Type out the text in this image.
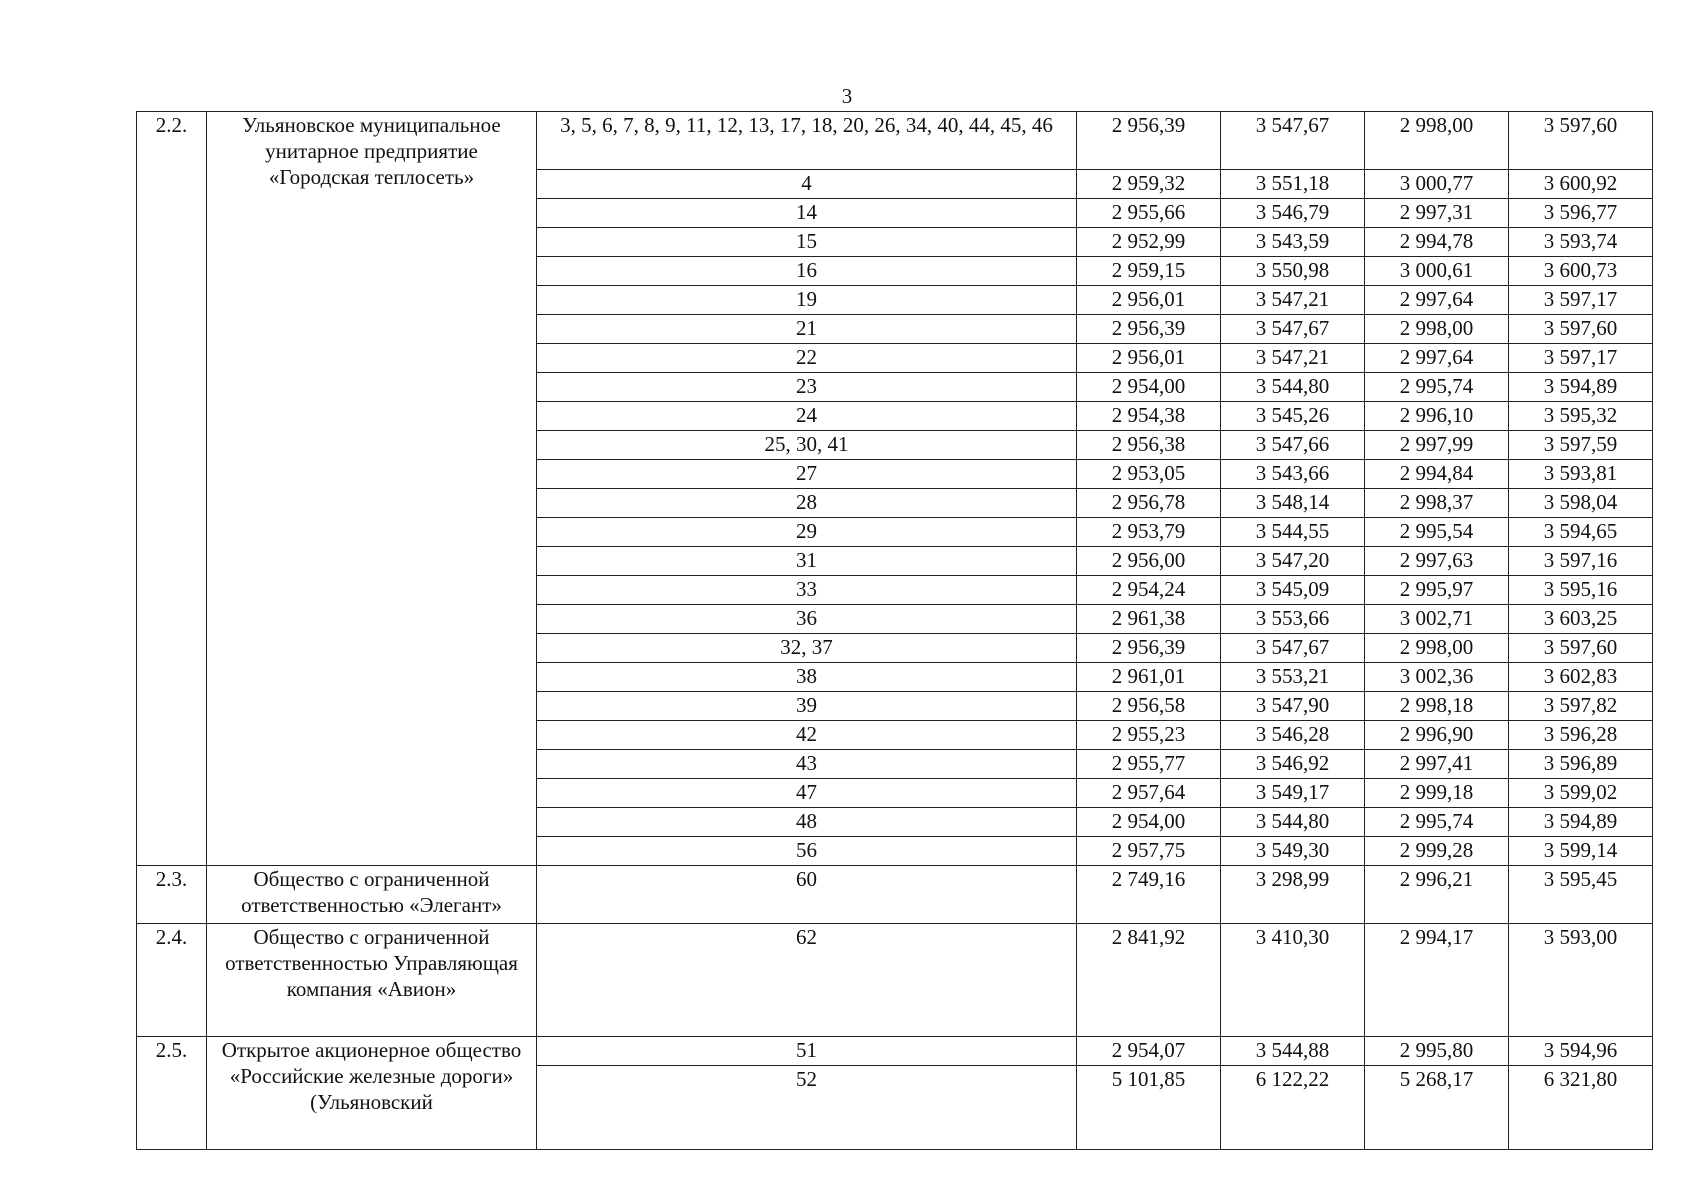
3
2.2.	Ульяновское муниципальное унитарное предприятие «Городская теплосеть»	3, 5, 6, 7, 8, 9, 11, 12, 13, 17, 18, 20, 26, 34, 40, 44, 45, 46	2 956,39	3 547,67	2 998,00	3 597,60
		4	2 959,32	3 551,18	3 000,77	3 600,92
		14	2 955,66	3 546,79	2 997,31	3 596,77
		15	2 952,99	3 543,59	2 994,78	3 593,74
		16	2 959,15	3 550,98	3 000,61	3 600,73
		19	2 956,01	3 547,21	2 997,64	3 597,17
		21	2 956,39	3 547,67	2 998,00	3 597,60
		22	2 956,01	3 547,21	2 997,64	3 597,17
		23	2 954,00	3 544,80	2 995,74	3 594,89
		24	2 954,38	3 545,26	2 996,10	3 595,32
		25, 30, 41	2 956,38	3 547,66	2 997,99	3 597,59
		27	2 953,05	3 543,66	2 994,84	3 593,81
		28	2 956,78	3 548,14	2 998,37	3 598,04
		29	2 953,79	3 544,55	2 995,54	3 594,65
		31	2 956,00	3 547,20	2 997,63	3 597,16
		33	2 954,24	3 545,09	2 995,97	3 595,16
		36	2 961,38	3 553,66	3 002,71	3 603,25
		32, 37	2 956,39	3 547,67	2 998,00	3 597,60
		38	2 961,01	3 553,21	3 002,36	3 602,83
		39	2 956,58	3 547,90	2 998,18	3 597,82
		42	2 955,23	3 546,28	2 996,90	3 596,28
		43	2 955,77	3 546,92	2 997,41	3 596,89
		47	2 957,64	3 549,17	2 999,18	3 599,02
		48	2 954,00	3 544,80	2 995,74	3 594,89
		56	2 957,75	3 549,30	2 999,28	3 599,14
2.3.	Общество с ограниченной ответственностью «Элегант»	60	2 749,16	3 298,99	2 996,21	3 595,45
2.4.	Общество с ограниченной ответственностью Управляющая компания «Авион»	62	2 841,92	3 410,30	2 994,17	3 593,00
2.5.	Открытое акционерное общество «Российские железные дороги» (Ульяновский	51	2 954,07	3 544,88	2 995,80	3 594,96
		52	5 101,85	6 122,22	5 268,17	6 321,80
